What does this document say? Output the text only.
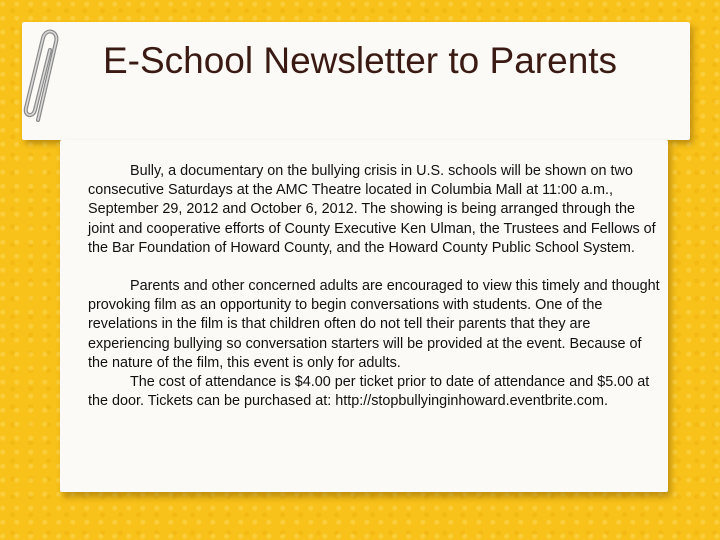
E-School Newsletter to Parents

Bully, a documentary on the bullying crisis in U.S. schools will be shown on two consecutive Saturdays at the AMC Theatre located in Columbia Mall at 11:00 a.m., September 29, 2012 and October 6, 2012. The showing is being arranged through the joint and cooperative efforts of County Executive Ken Ulman, the Trustees and Fellows of the Bar Foundation of Howard County, and the Howard County Public School System.

Parents and other concerned adults are encouraged to view this timely and thought provoking film as an opportunity to begin conversations with students. One of the revelations in the film is that children often do not tell their parents that they are experiencing bullying so conversation starters will be provided at the event. Because of the nature of the film, this event is only for adults.

The cost of attendance is $4.00 per ticket prior to date of attendance and $5.00 at the door. Tickets can be purchased at: http://stopbullyinginhoward.eventbrite.com.
